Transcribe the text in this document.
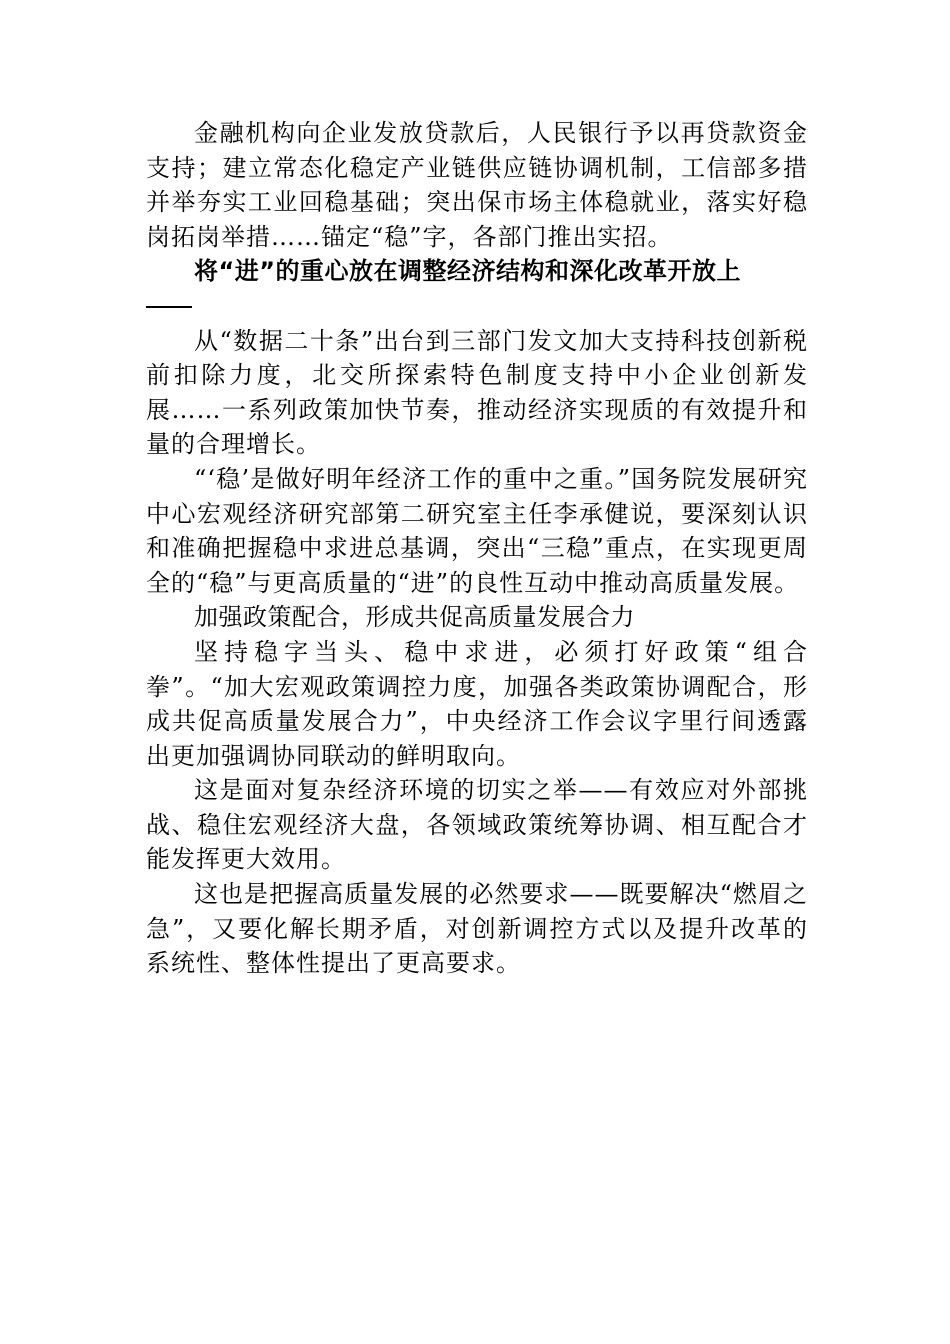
金融机构向企业发放贷款后，人民银行予以再贷款资金支持；建立常态化稳定产业链供应链协调机制，工信部多措并举夯实工业回稳基础；突出保市场主体稳就业，落实好稳岗拓岗举措……锚定“稳”字，各部门推出实招。

将“进”的重心放在调整经济结构和深化改革开放上

从“数据二十条”出台到三部门发文加大支持科技创新税前扣除力度，北交所探索特色制度支持中小企业创新发展……一系列政策加快节奏，推动经济实现质的有效提升和量的合理增长。

“‘稳’是做好明年经济工作的重中之重。”国务院发展研究中心宏观经济研究部第二研究室主任李承健说，要深刻认识和准确把握稳中求进总基调，突出“三稳”重点，在实现更周全的“稳”与更高质量的“进”的良性互动中推动高质量发展。

加强政策配合，形成共促高质量发展合力

坚持稳字当头、稳中求进，必须打好政策“组合拳”。“加大宏观政策调控力度，加强各类政策协调配合，形成共促高质量发展合力”，中央经济工作会议字里行间透露出更加强调协同联动的鲜明取向。

这是面对复杂经济环境的切实之举——有效应对外部挑战、稳住宏观经济大盘，各领域政策统筹协调、相互配合才能发挥更大效用。

这也是把握高质量发展的必然要求——既要解决“燃眉之急”，又要化解长期矛盾，对创新调控方式以及提升改革的系统性、整体性提出了更高要求。
